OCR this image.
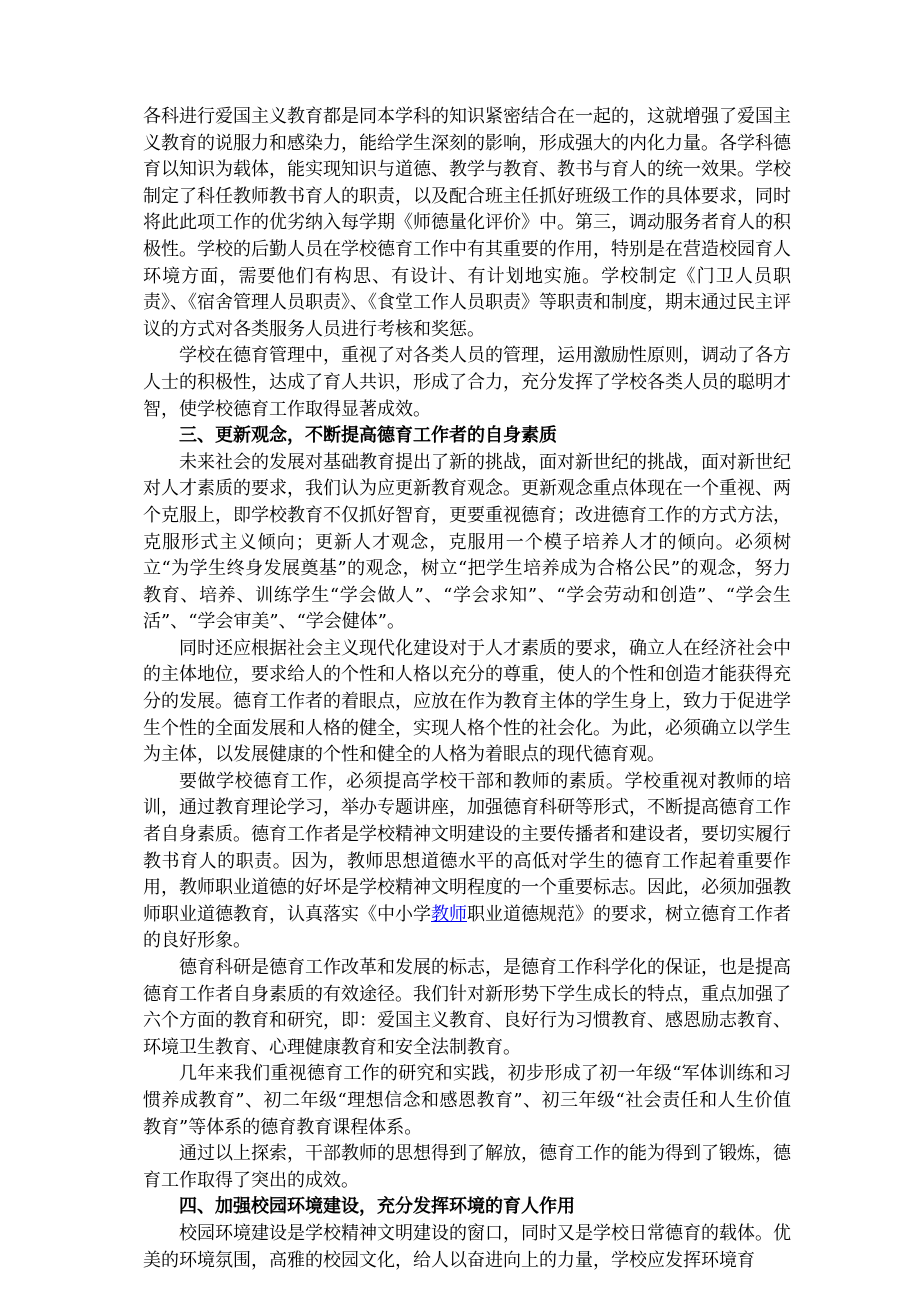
各科进行爱国主义教育都是同本学科的知识紧密结合在一起的，这就增强了爱国主义教育的说服力和感染力，能给学生深刻的影响，形成强大的内化力量。各学科德育以知识为载体，能实现知识与道德、教学与教育、教书与育人的统一效果。学校制定了科任教师教书育人的职责，以及配合班主任抓好班级工作的具体要求，同时将此此项工作的优劣纳入每学期《师德量化评价》中。第三，调动服务者育人的积极性。学校的后勤人员在学校德育工作中有其重要的作用，特别是在营造校园育人环境方面，需要他们有构思、有设计、有计划地实施。学校制定《门卫人员职责》、《宿舍管理人员职责》、《食堂工作人员职责》等职责和制度，期末通过民主评议的方式对各类服务人员进行考核和奖惩。

学校在德育管理中，重视了对各类人员的管理，运用激励性原则，调动了各方人士的积极性，达成了育人共识，形成了合力，充分发挥了学校各类人员的聪明才智，使学校德育工作取得显著成效。

三、更新观念，不断提高德育工作者的自身素质

未来社会的发展对基础教育提出了新的挑战，面对新世纪的挑战，面对新世纪对人才素质的要求，我们认为应更新教育观念。更新观念重点体现在一个重视、两个克服上，即学校教育不仅抓好智育，更要重视德育；改进德育工作的方式方法，克服形式主义倾向；更新人才观念，克服用一个模子培养人才的倾向。必须树立“为学生终身发展奠基”的观念，树立“把学生培养成为合格公民”的观念，努力教育、培养、训练学生“学会做人”、“学会求知”、“学会劳动和创造”、“学会生活”、“学会审美”、“学会健体”。

同时还应根据社会主义现代化建设对于人才素质的要求，确立人在经济社会中的主体地位，要求给人的个性和人格以充分的尊重，使人的个性和创造才能获得充分的发展。德育工作者的着眼点，应放在作为教育主体的学生身上，致力于促进学生个性的全面发展和人格的健全，实现人格个性的社会化。为此，必须确立以学生为主体，以发展健康的个性和健全的人格为着眼点的现代德育观。

要做学校德育工作，必须提高学校干部和教师的素质。学校重视对教师的培训，通过教育理论学习，举办专题讲座，加强德育科研等形式，不断提高德育工作者自身素质。德育工作者是学校精神文明建设的主要传播者和建设者，要切实履行教书育人的职责。因为，教师思想道德水平的高低对学生的德育工作起着重要作用，教师职业道德的好坏是学校精神文明程度的一个重要标志。因此，必须加强教师职业道德教育，认真落实《中小学教师职业道德规范》的要求，树立德育工作者的良好形象。

德育科研是德育工作改革和发展的标志，是德育工作科学化的保证，也是提高德育工作者自身素质的有效途径。我们针对新形势下学生成长的特点，重点加强了六个方面的教育和研究，即：爱国主义教育、良好行为习惯教育、感恩励志教育、环境卫生教育、心理健康教育和安全法制教育。

几年来我们重视德育工作的研究和实践，初步形成了初一年级“军体训练和习惯养成教育”、初二年级“理想信念和感恩教育”、初三年级“社会责任和人生价值教育”等体系的德育教育课程体系。

通过以上探索，干部教师的思想得到了解放，德育工作的能为得到了锻炼，德育工作取得了突出的成效。

四、加强校园环境建设，充分发挥环境的育人作用

校园环境建设是学校精神文明建设的窗口，同时又是学校日常德育的载体。优美的环境氛围，高雅的校园文化，给人以奋进向上的力量，学校应发挥环境育
